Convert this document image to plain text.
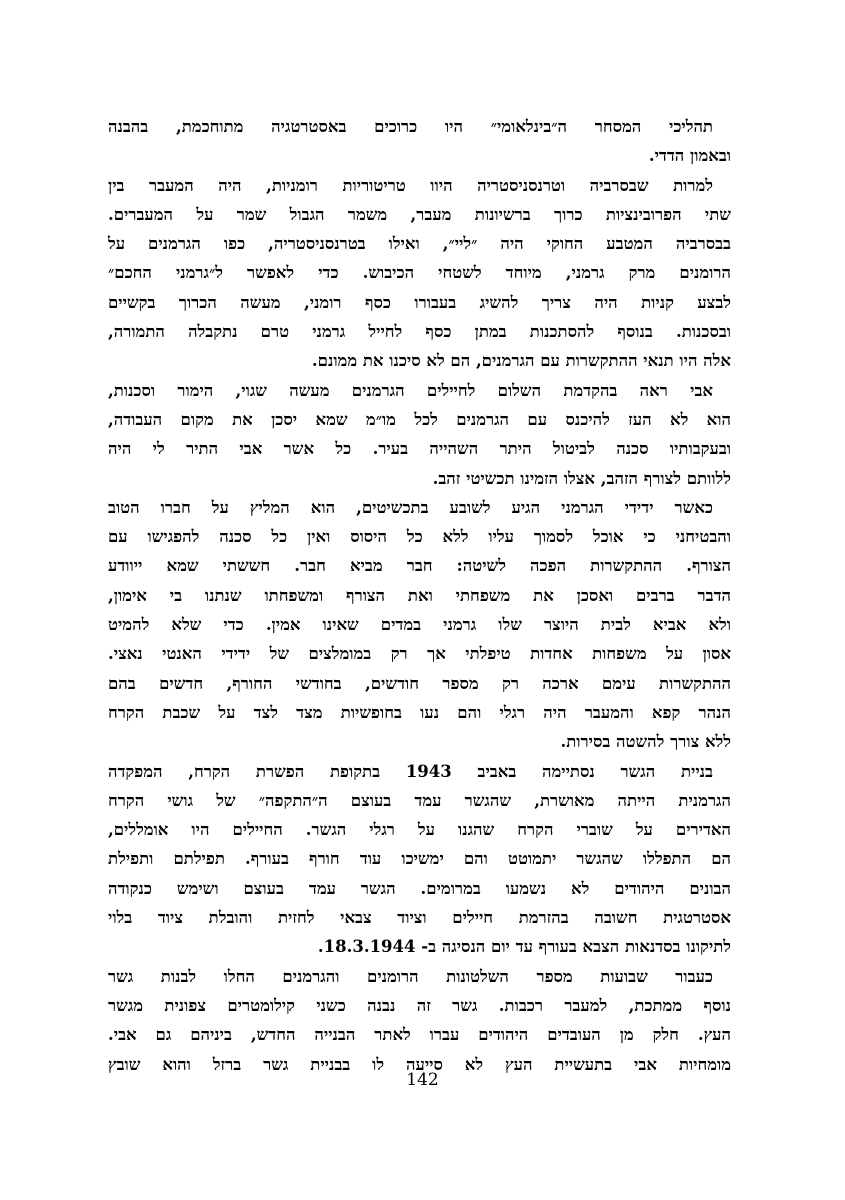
תהליכי המסחר ה״בינלאומי״ היו כרוכים באסטרטגיה מתוחכמת, בהבנה
ובאמון הדדי.
למרות שבסרביה וטרנסניסטריה היוו טריטוריות רומניות, היה המעבר בין
שתי הפרובינציות כרוך ברשיונות מעבר, משמר הגבול שמר על המעברים.
בבסרביה המטבע החוקי היה ״ליי״, ואילו בטרנסניסטריה, כפו הגרמנים על
הרומנים מרק גרמני, מיוחד לשטחי הכיבוש. כדי לאפשר ל״גרמני החכם״
לבצע קניות היה צריך להשיג בעבורו כסף רומני, מעשה הכרוך בקשיים
ובסכנות. בנוסף להסתכנות במתן כסף לחייל גרמני טרם נתקבלה התמורה,
אלה היו תנאי ההתקשרות עם הגרמנים, הם לא סיכנו את ממונם.
אבי ראה בהקדמת השלום לחיילים הגרמנים מעשה שגוי, הימור וסכנות,
הוא לא העז להיכנס עם הגרמנים לכל מו״מ שמא יסכן את מקום העבודה,
ובעקבותיו סכנה לביטול היתר השהייה בעיר. כל אשר אבי התיר לי היה
ללוותם לצורף הזהב, אצלו הזמינו תכשיטי זהב.
כאשר ידידי הגרמני הגיע לשובע בתכשיטים, הוא המליץ על חברו הטוב
והבטיחני כי אוכל לסמוך עליו ללא כל היסוס ואין כל סכנה להפגישו עם
הצורף. ההתקשרות הפכה לשיטה: חבר מביא חבר. חששתי שמא ייוודע
הדבר ברבים ואסכן את משפחתי ואת הצורף ומשפחתו שנתנו בי אימון,
ולא אביא לבית היוצר שלו גרמני במדים שאינו אמין. כדי שלא להמיט
אסון על משפחות אחדות טיפלתי אך רק במומלצים של ידידי האנטי נאצי.
ההתקשרות עימם ארכה רק מספר חודשים, בחודשי החורף, חדשים בהם
הנהר קפא והמעבר היה רגלי והם נעו בחופשיות מצד לצד על שכבת הקרח
ללא צורך להשטה בסירות.
בניית הגשר נסתיימה באביב 1943 בתקופת הפשרת הקרח, המפקדה
הגרמנית הייתה מאושרת, שהגשר עמד בעוצם ה״התקפה״ של גושי הקרח
האדירים על שוברי הקרח שהגנו על רגלי הגשר. החיילים היו אומללים,
הם התפללו שהגשר יתמוטט והם ימשיכו עוד חורף בעורף. תפילתם ותפילת
הבונים היהודים לא נשמעו במרומים. הגשר עמד בעוצם ושימש כנקודה
אסטרטגית חשובה בהזרמת חיילים וציוד צבאי לחזית והובלת ציוד בלוי
לתיקונו בסדנאות הצבא בעורף עד יום הנסיגה ב- 18.3.1944.
כעבור שבועות מספר השלטונות הרומנים והגרמנים החלו לבנות גשר
נוסף ממתכת, למעבר רכבות. גשר זה נבנה כשני קילומטרים צפונית מגשר
העץ. חלק מן העובדים היהודים עברו לאתר הבנייה החדש, ביניהם גם אבי.
מומחיות אבי בתעשיית העץ לא סייעה לו בבניית גשר ברזל והוא שובץ
142
